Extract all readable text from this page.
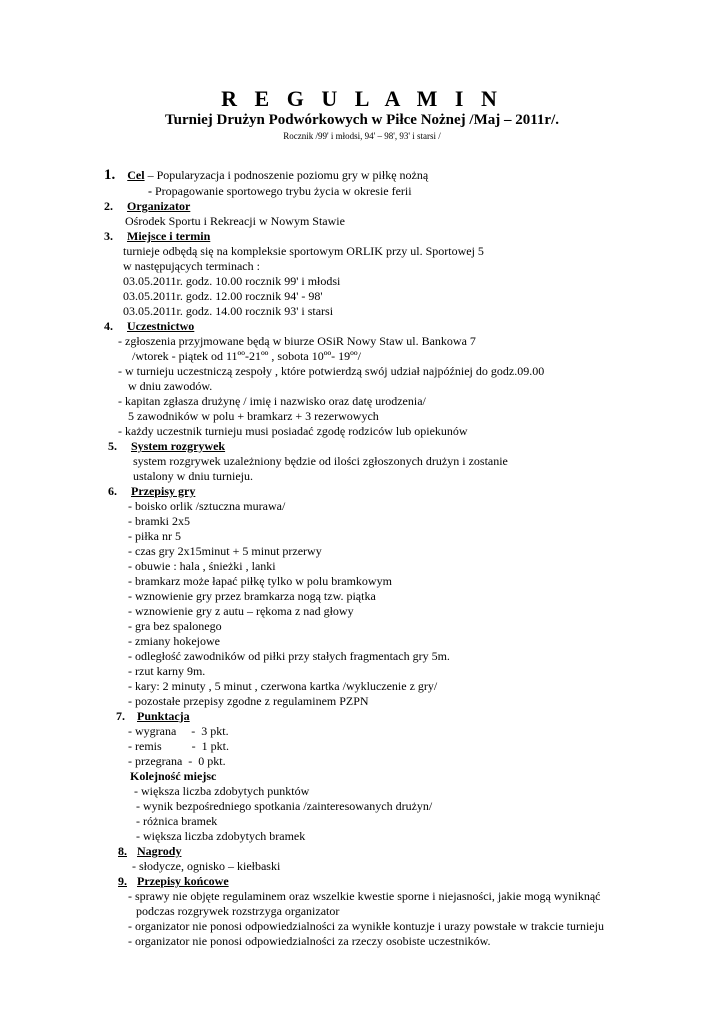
R E G U L A M I N
Turniej Drużyn Podwórkowych w Piłce Nożnej /Maj – 2011r/.
Rocznik /99' i młodsi, 94' – 98', 93' i starsi /
1. Cel – Popularyzacja i podnoszenie poziomu gry w piłkę nożną
- Propagowanie sportowego trybu życia w okresie ferii
2. Organizator
Ośrodek Sportu i Rekreacji w Nowym Stawie
3. Miejsce i termin
turnieje odbędą się na kompleksie sportowym ORLIK przy ul. Sportowej 5
w następujących terminach :
03.05.2011r. godz. 10.00 rocznik 99' i młodsi
03.05.2011r. godz. 12.00 rocznik 94' - 98'
03.05.2011r. godz. 14.00 rocznik 93' i starsi
4. Uczestnictwo
- zgłoszenia przyjmowane będą w biurze OSiR Nowy Staw ul. Bankowa 7
/wtorek - piątek od 11ºº-21ºº , sobota 10ºº- 19ºº/
- w turnieju uczestniczą zespoły , które potwierdzą swój udział najpóźniej do godz.09.00
w dniu zawodów.
- kapitan zgłasza drużynę / imię i nazwisko oraz datę urodzenia/
5 zawodników w polu + bramkarz + 3 rezerwowych
- każdy uczestnik turnieju musi posiadać zgodę rodziców lub opiekunów
5. System rozgrywek
system rozgrywek uzależniony będzie od ilości zgłoszonych drużyn i zostanie
ustalony w dniu turnieju.
6. Przepisy gry
- boisko orlik /sztuczna murawa/
- bramki 2x5
- piłka nr 5
- czas gry 2x15minut + 5 minut przerwy
- obuwie : hala , śnieżki , lanki
- bramkarz może łapać piłkę tylko w polu bramkowym
- wznowienie gry przez bramkarza nogą tzw. piątka
- wznowienie gry z autu – rękoma z nad głowy
- gra bez spalonego
- zmiany hokejowe
- odległość zawodników od piłki przy stałych fragmentach gry 5m.
- rzut karny 9m.
- kary: 2 minuty , 5 minut , czerwona kartka /wykluczenie z gry/
- pozostałe przepisy zgodne z regulaminem PZPN
7. Punktacja
- wygrana     -  3 pkt.
- remis          -  1 pkt.
- przegrana  -  0 pkt.
Kolejność miejsc
- większa liczba zdobytych punktów
- wynik bezpośredniego spotkania /zainteresowanych drużyn/
- różnica bramek
- większa liczba zdobytych bramek
8. Nagrody
- słodycze, ognisko – kiełbaski
9. Przepisy końcowe
- sprawy nie objęte regulaminem oraz wszelkie kwestie sporne i niejasności, jakie mogą wyniknąć
podczas rozgrywek rozstrzyga organizator
- organizator nie ponosi odpowiedzialności za wynikłe kontuzje i urazy powstałe w trakcie turnieju
- organizator nie ponosi odpowiedzialności za rzeczy osobiste uczestników.
